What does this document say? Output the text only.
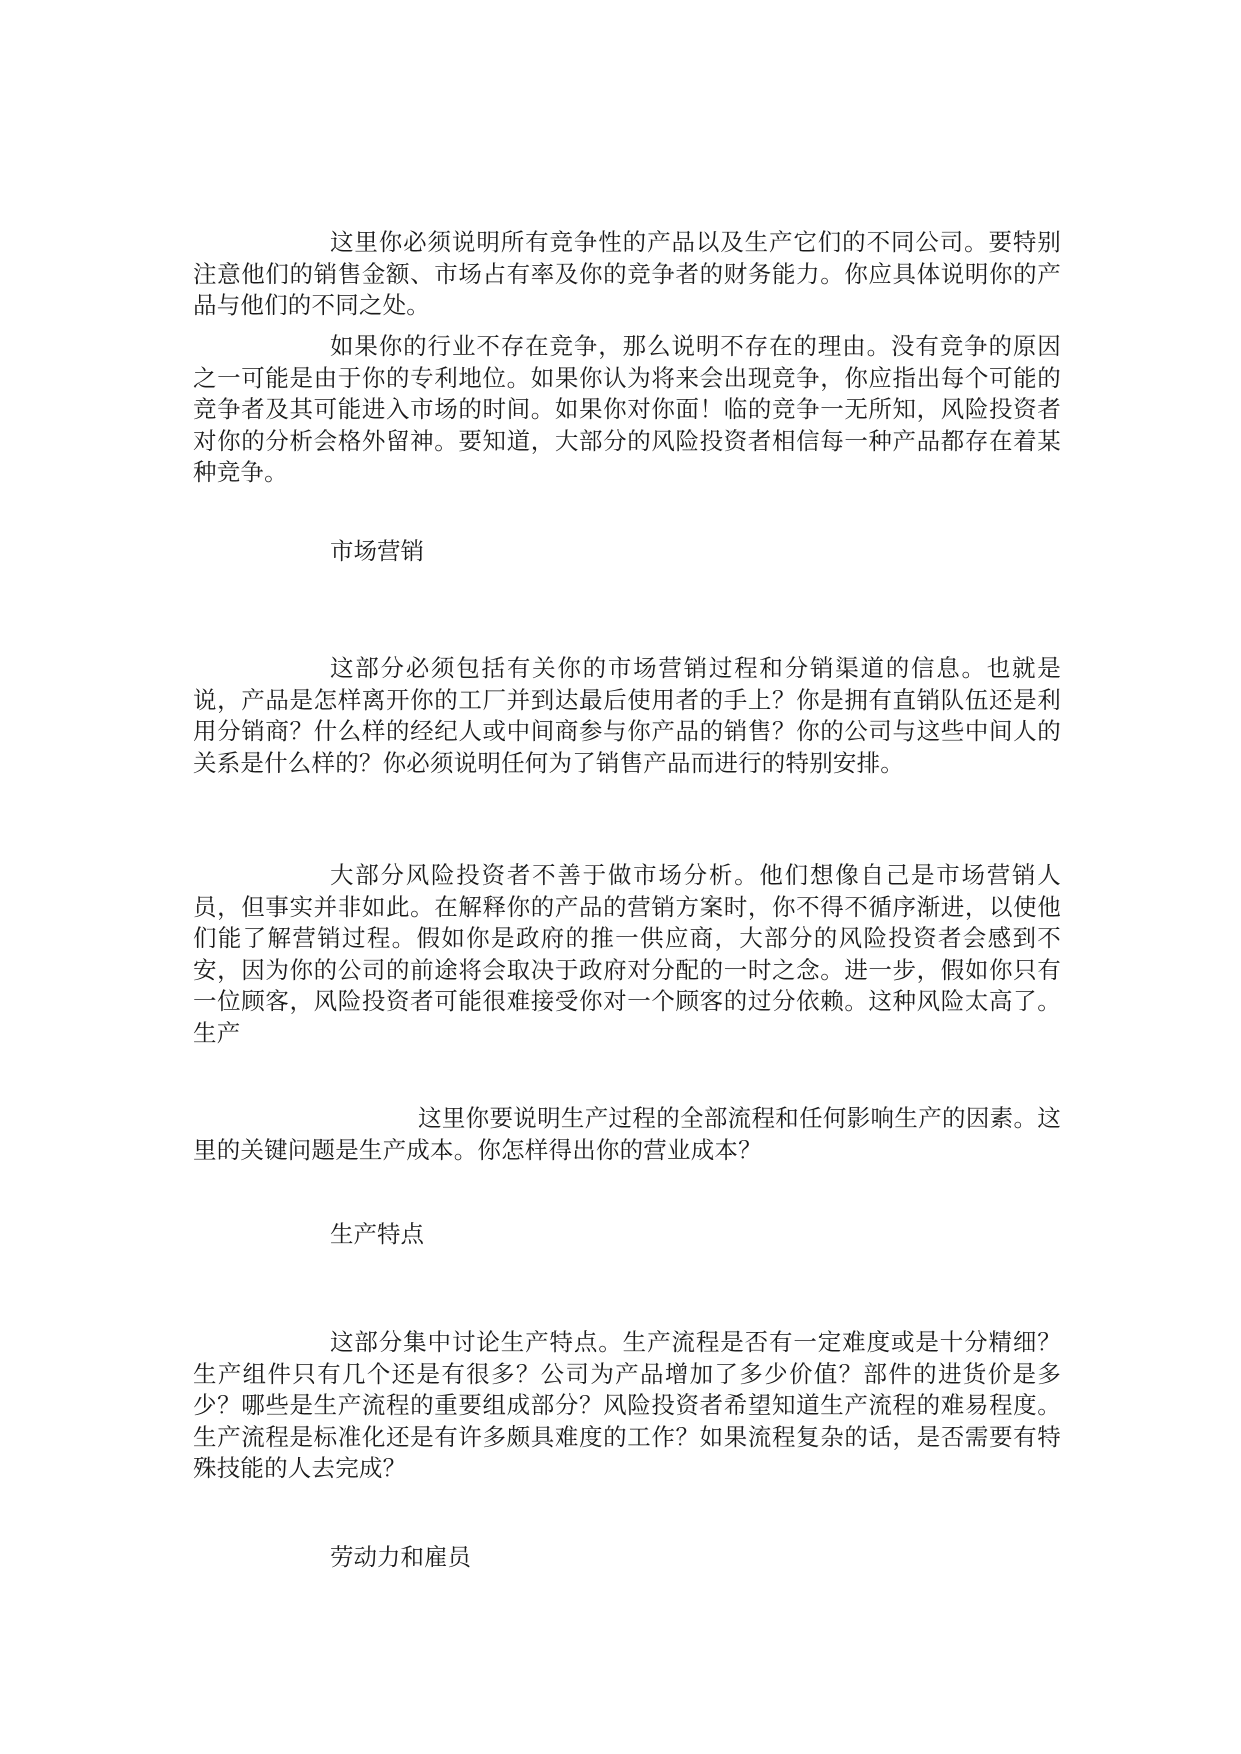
这里你必须说明所有竞争性的产品以及生产它们的不同公司。要特别注意他们的销售金额、市场占有率及你的竞争者的财务能力。你应具体说明你的产品与他们的不同之处。

如果你的行业不存在竞争，那么说明不存在的理由。没有竞争的原因之一可能是由于你的专利地位。如果你认为将来会出现竞争，你应指出每个可能的竞争者及其可能进入市场的时间。如果你对你面！临的竞争一无所知，风险投资者对你的分析会格外留神。要知道，大部分的风险投资者相信每一种产品都存在着某种竞争。

市场营销

这部分必须包括有关你的市场营销过程和分销渠道的信息。也就是说，产品是怎样离开你的工厂并到达最后使用者的手上？你是拥有直销队伍还是利用分销商？什么样的经纪人或中间商参与你产品的销售？你的公司与这些中间人的关系是什么样的？你必须说明任何为了销售产品而进行的特别安排。

大部分风险投资者不善于做市场分析。他们想像自己是市场营销人员，但事实并非如此。在解释你的产品的营销方案时，你不得不循序渐进，以使他们能了解营销过程。假如你是政府的推一供应商，大部分的风险投资者会感到不安，因为你的公司的前途将会取决于政府对分配的一时之念。进一步，假如你只有一位顾客，风险投资者可能很难接受你对一个顾客的过分依赖。这种风险太高了。生产

这里你要说明生产过程的全部流程和任何影响生产的因素。这里的关键问题是生产成本。你怎样得出你的营业成本？

生产特点

这部分集中讨论生产特点。生产流程是否有一定难度或是十分精细？生产组件只有几个还是有很多？公司为产品增加了多少价值？部件的进货价是多少？哪些是生产流程的重要组成部分？风险投资者希望知道生产流程的难易程度。生产流程是标准化还是有许多颇具难度的工作？如果流程复杂的话，是否需要有特殊技能的人去完成？

劳动力和雇员
